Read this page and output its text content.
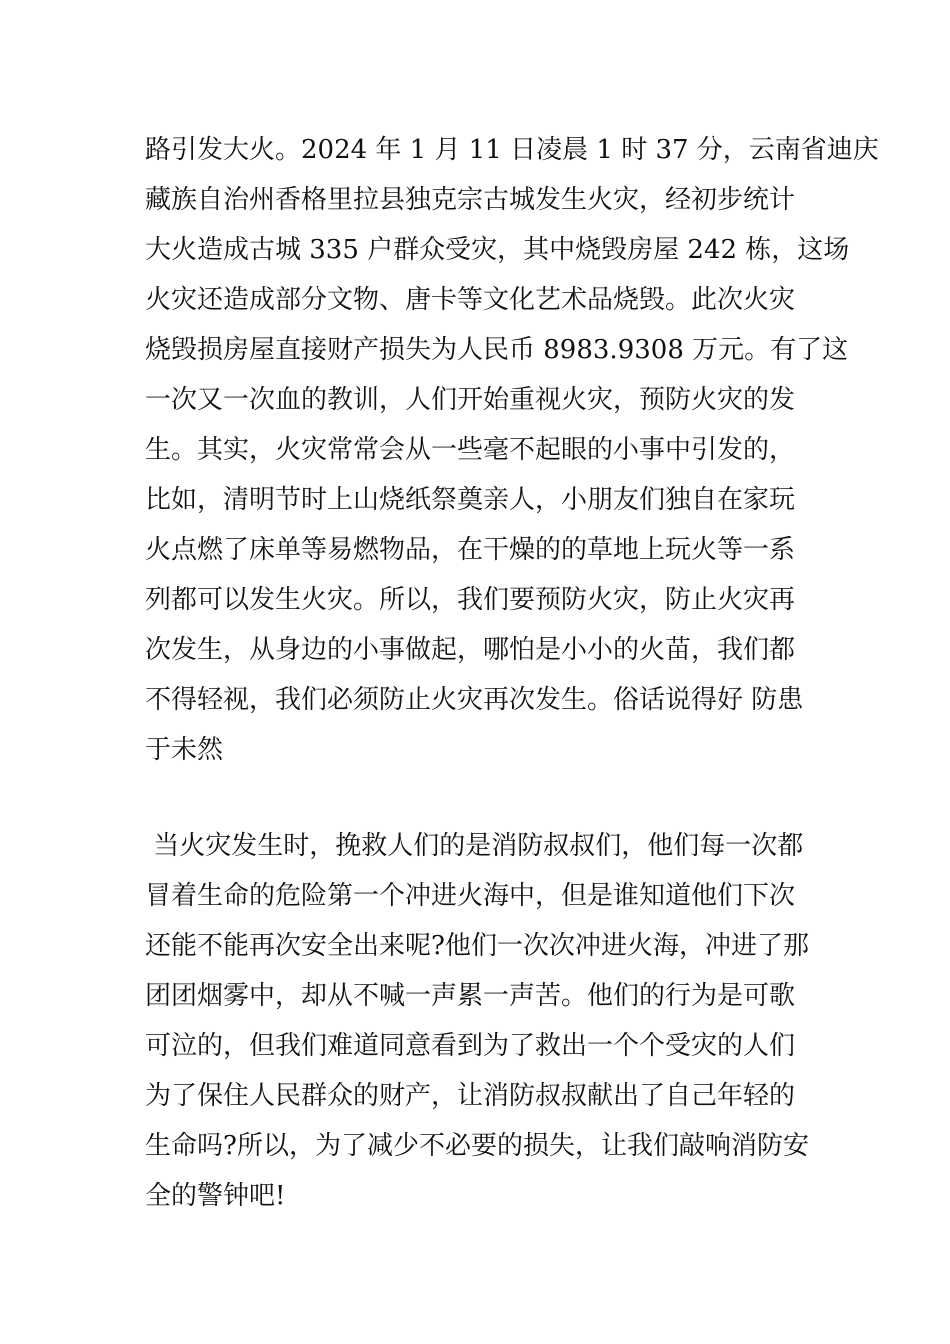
路引发大火。2024 年 1 月 11 日凌晨 1 时 37 分，云南省迪庆
藏族自治州香格里拉县独克宗古城发生火灾，经初步统计
大火造成古城 335 户群众受灾，其中烧毁房屋 242 栋，这场
火灾还造成部分文物、唐卡等文化艺术品烧毁。此次火灾
烧毁损房屋直接财产损失为人民币 8983.9308 万元。有了这
一次又一次血的教训，人们开始重视火灾，预防火灾的发
生。其实，火灾常常会从一些毫不起眼的小事中引发的，
比如，清明节时上山烧纸祭奠亲人，小朋友们独自在家玩
火点燃了床单等易燃物品，在干燥的的草地上玩火等一系
列都可以发生火灾。所以，我们要预防火灾，防止火灾再
次发生，从身边的小事做起，哪怕是小小的火苗，我们都
不得轻视，我们必须防止火灾再次发生。俗话说得好 防患
于未然
当火灾发生时，挽救人们的是消防叔叔们，他们每一次都
冒着生命的危险第一个冲进火海中，但是谁知道他们下次
还能不能再次安全出来呢?他们一次次冲进火海，冲进了那
团团烟雾中，却从不喊一声累一声苦。他们的行为是可歌
可泣的，但我们难道同意看到为了救出一个个受灾的人们
为了保住人民群众的财产，让消防叔叔献出了自己年轻的
生命吗?所以，为了减少不必要的损失，让我们敲响消防安
全的警钟吧!
